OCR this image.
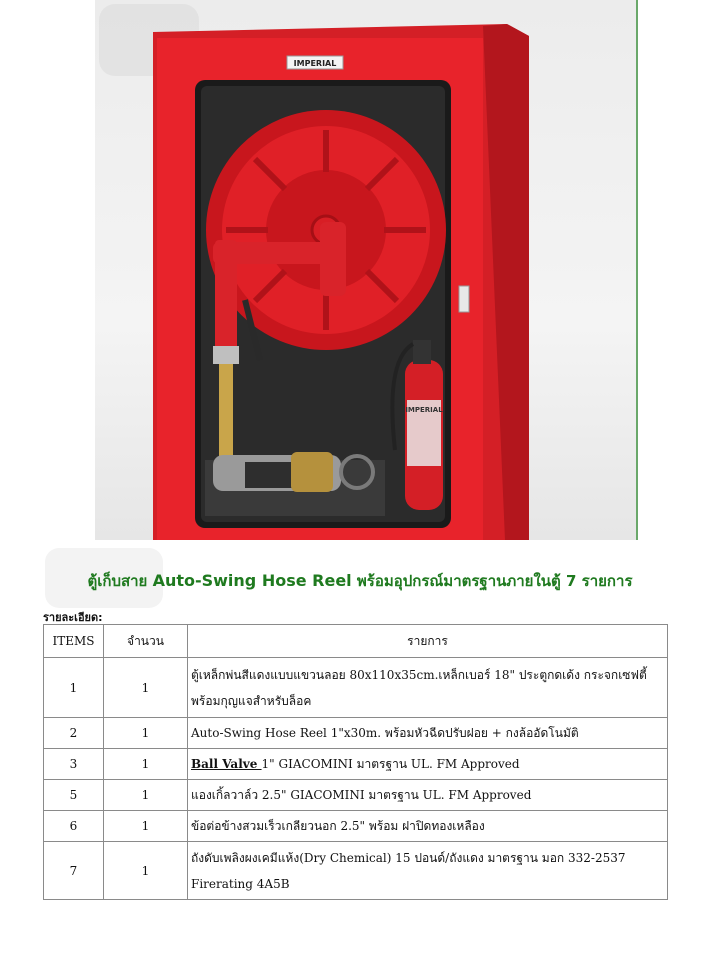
IMPERIAL
IMPERIAL
ตู้เก็บสาย Auto-Swing Hose Reel พร้อมอุปกรณ์มาตรฐานภายในตู้ 7 รายการ
รายละเอียด:
ITEMS	จำนวน	รายการ
1	1	ตู้เหล็กพ่นสีแดงแบบแขวนลอย 80x110x35cm.เหล็กเบอร์ 18" ประตูกดเด้ง กระจกเซฟตี้ พร้อมกุญแจสำหรับล็อค
2	1	Auto-Swing Hose Reel 1"x30m. พร้อมหัวฉีดปรับฝอย + กงล้ออัดโนมัติ
3	1	Ball Valve 1" GIACOMINI มาตรฐาน UL. FM Approved
5	1	แองเกิ้ลวาล์ว 2.5" GIACOMINI มาตรฐาน UL. FM Approved
6	1	ข้อต่อข้างสวมเร็วเกลียวนอก 2.5" พร้อม ฝาปิดทองเหลือง
7	1	ถังดับเพลิงผงเคมีแห้ง(Dry Chemical) 15 ปอนด์/ถังแดง มาตรฐาน มอก 332-2537 Firerating 4A5B
